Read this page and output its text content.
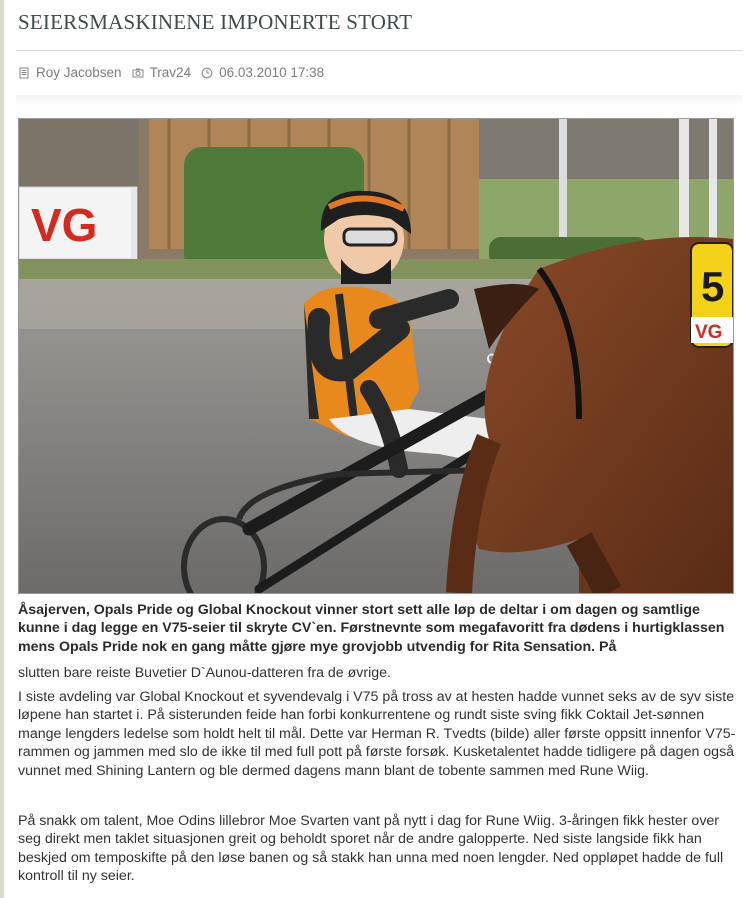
SEIERSMASKINENE IMPONERTE STORT
Roy Jacobsen Trav24 06.03.2010 17:38
VG
HT
5
VG

Åsajerven, Opals Pride og Global Knockout vinner stort sett alle løp de deltar i om dagen og samtlige kunne i dag legge en V75-seier til skryte CV`en. Førstnevnte som megafavoritt fra dødens i hurtigklassen mens Opals Pride nok en gang måtte gjøre mye grovjobb utvendig for Rita Sensation. På

slutten bare reiste Buvetier D`Aunou-datteren fra de øvrige.

I siste avdeling var Global Knockout et syvendevalg i V75 på tross av at hesten hadde vunnet seks av de syv siste løpene han startet i. På sisterunden feide han forbi konkurrentene og rundt siste sving fikk Coktail Jet-sønnen mange lengders ledelse som holdt helt til mål. Dette var Herman R. Tvedts (bilde) aller første oppsitt innenfor V75-rammen og jammen med slo de ikke til med full pott på første forsøk. Kusketalentet hadde tidligere på dagen også vunnet med Shining Lantern og ble dermed dagens mann blant de tobente sammen med Rune Wiig.

På snakk om talent, Moe Odins lillebror Moe Svarten vant på nytt i dag for Rune Wiig. 3-åringen fikk hester over seg direkt men taklet situasjonen greit og beholdt sporet når de andre galopperte. Ned siste langside fikk han beskjed om temposkifte på den løse banen og så stakk han unna med noen lengder. Ned oppløpet hadde de full kontroll til ny seier.
